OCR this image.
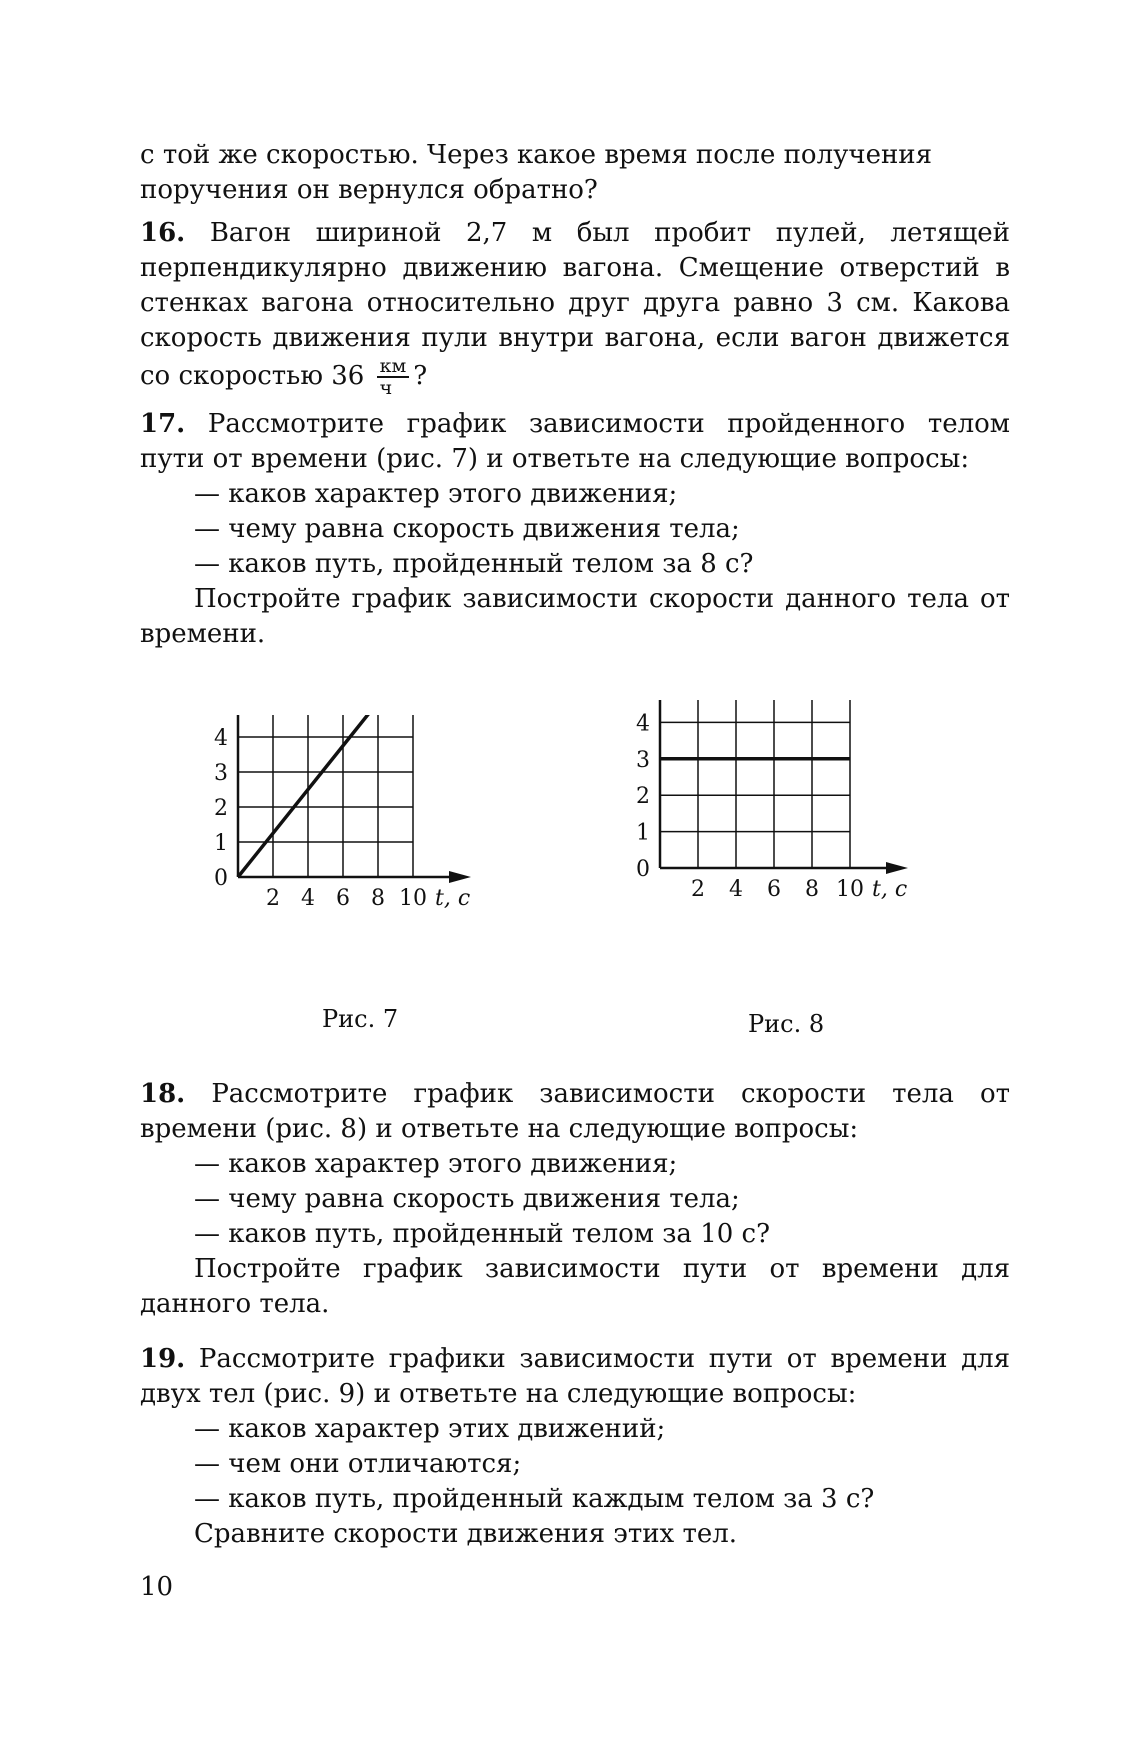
с той же скоростью. Через какое время после получения
поручения он вернулся обратно?
16. Вагон шириной 2,7 м был пробит пулей, летящей перпендикулярно движению вагона. Смещение отверстий в стенках вагона относительно друг друга равно 3 см. Какова скорость движения пули внутри вагона, если вагон движется со скоростью $36 \frac{км}{ч}$ ?
17. Рассмотрите график зависимости пройденного телом пути от времени (рис. 7) и ответьте на следующие вопросы:
— каков характер этого движения;
— чему равна скорость движения тела;
— каков путь, пройденный телом за 8 с?
Постройте график зависимости скорости данного тела от времени.
0
1
2
3
4
2 4 6 8 10 t, с
Рис. 7
0
1
2
3
4
2 4 6 8 10 t, с
Рис. 8
18. Рассмотрите график зависимости скорости тела от времени (рис. 8) и ответьте на следующие вопросы:
— каков характер этого движения;
— чему равна скорость движения тела;
— каков путь, пройденный телом за 10 с?
Постройте график зависимости пути от времени для данного тела.
19. Рассмотрите графики зависимости пути от времени для двух тел (рис. 9) и ответьте на следующие вопросы:
— каков характер этих движений;
— чем они отличаются;
— каков путь, пройденный каждым телом за 3 с?
Сравните скорости движения этих тел.
10
